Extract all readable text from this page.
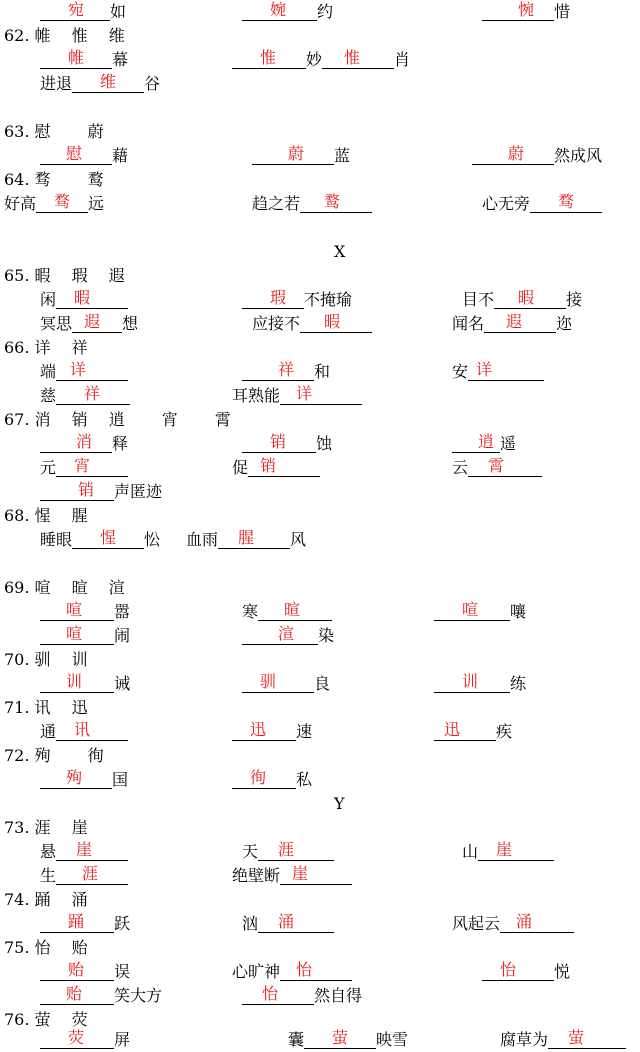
宛 如	婉 约	惋 惜
62. 帷　 惟　 维
帷 幕	惟 妙 惟 肖
进退 维 谷
63. 慰　　 蔚
慰 藉	蔚 蓝	蔚 然成风
64. 骛　　 鹜
好高 骛 远	趋之若 鹜	心无旁 骛
X
65. 暇　 瑕　 遐
闲 暇	瑕 不掩瑜	目不 暇 接
冥思 遐 想	应接不 暇	闻名 遐 迩
66. 详　 祥
端 详	祥 和	安 详
慈 祥	耳熟能 详
67. 消　 销　 逍　　 宵　　 霄
消 释	销 蚀	逍 遥
元 宵	促 销	云 霄
销 声匿迹
68. 惺　 腥
睡眼 惺 忪 血雨 腥 风
69. 喧　 暄　 渲
喧 嚣	寒 暄	喧 嚷
喧 闹	渲 染
70. 驯　 训
训 诫	驯 良	训 练
71. 讯　 迅
通 讯	迅 速	迅 疾
72. 殉　　 徇
殉 国	徇 私
Y
73. 涯　 崖
悬 崖	天 涯	山 崖
生 涯	绝壁断 崖
74. 踊　 涌
踊 跃	汹 涌	风起云 涌
75. 怡　 贻
贻 误	心旷神 怡	怡 悦
贻 笑大方	怡 然自得
76. 萤　 荧
荧 屏	囊 萤 映雪	腐草为 萤
